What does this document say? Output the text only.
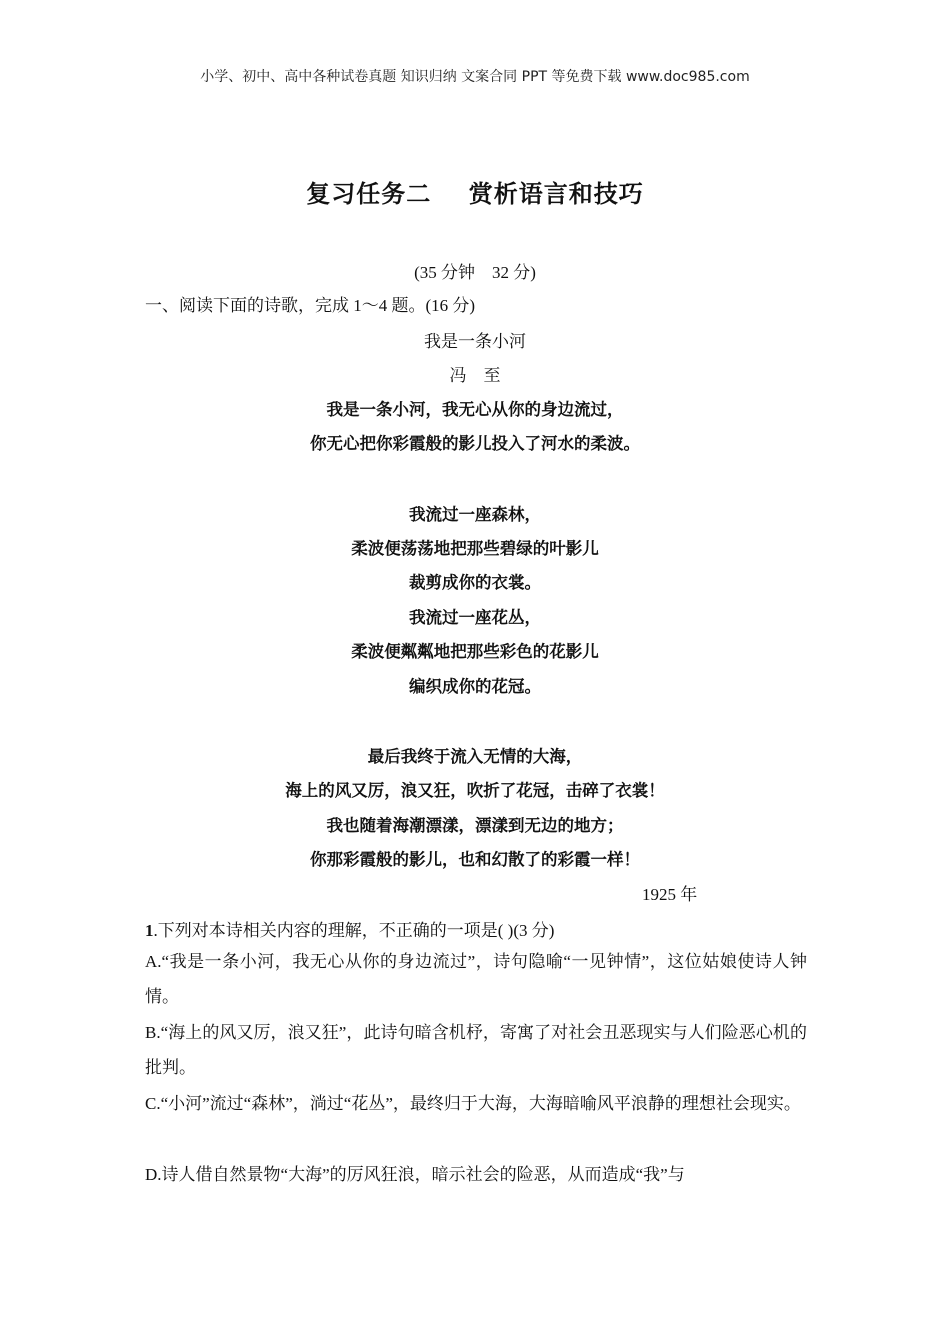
小学、初中、高中各种试卷真题 知识归纳 文案合同 PPT 等免费下载 www.doc985.com
复习任务二    赏析语言和技巧
(35 分钟    32 分)
一、阅读下面的诗歌，完成 1～4 题。(16 分)
我是一条小河
冯    至
我是一条小河，我无心从你的身边流过，
你无心把你彩霞般的影儿投入了河水的柔波。
我流过一座森林，
柔波便荡荡地把那些碧绿的叶影儿
裁剪成你的衣裳。
我流过一座花丛，
柔波便粼粼地把那些彩色的花影儿
编织成你的花冠。
最后我终于流入无情的大海，
海上的风又厉，浪又狂，吹折了花冠，击碎了衣裳！
我也随着海潮漂漾，漂漾到无边的地方；
你那彩霞般的影儿，也和幻散了的彩霞一样！
1925 年
1.下列对本诗相关内容的理解，不正确的一项是( )(3 分)
A.“我是一条小河，我无心从你的身边流过”，诗句隐喻“一见钟情”，这位姑娘使诗人钟情。
B.“海上的风又厉，浪又狂”，此诗句暗含机杼，寄寓了对社会丑恶现实与人们险恶心机的批判。
C.“小河”流过“森林”，淌过“花丛”，最终归于大海，大海暗喻风平浪静的理想社会现实。
D.诗人借自然景物“大海”的厉风狂浪，暗示社会的险恶，从而造成“我”与
